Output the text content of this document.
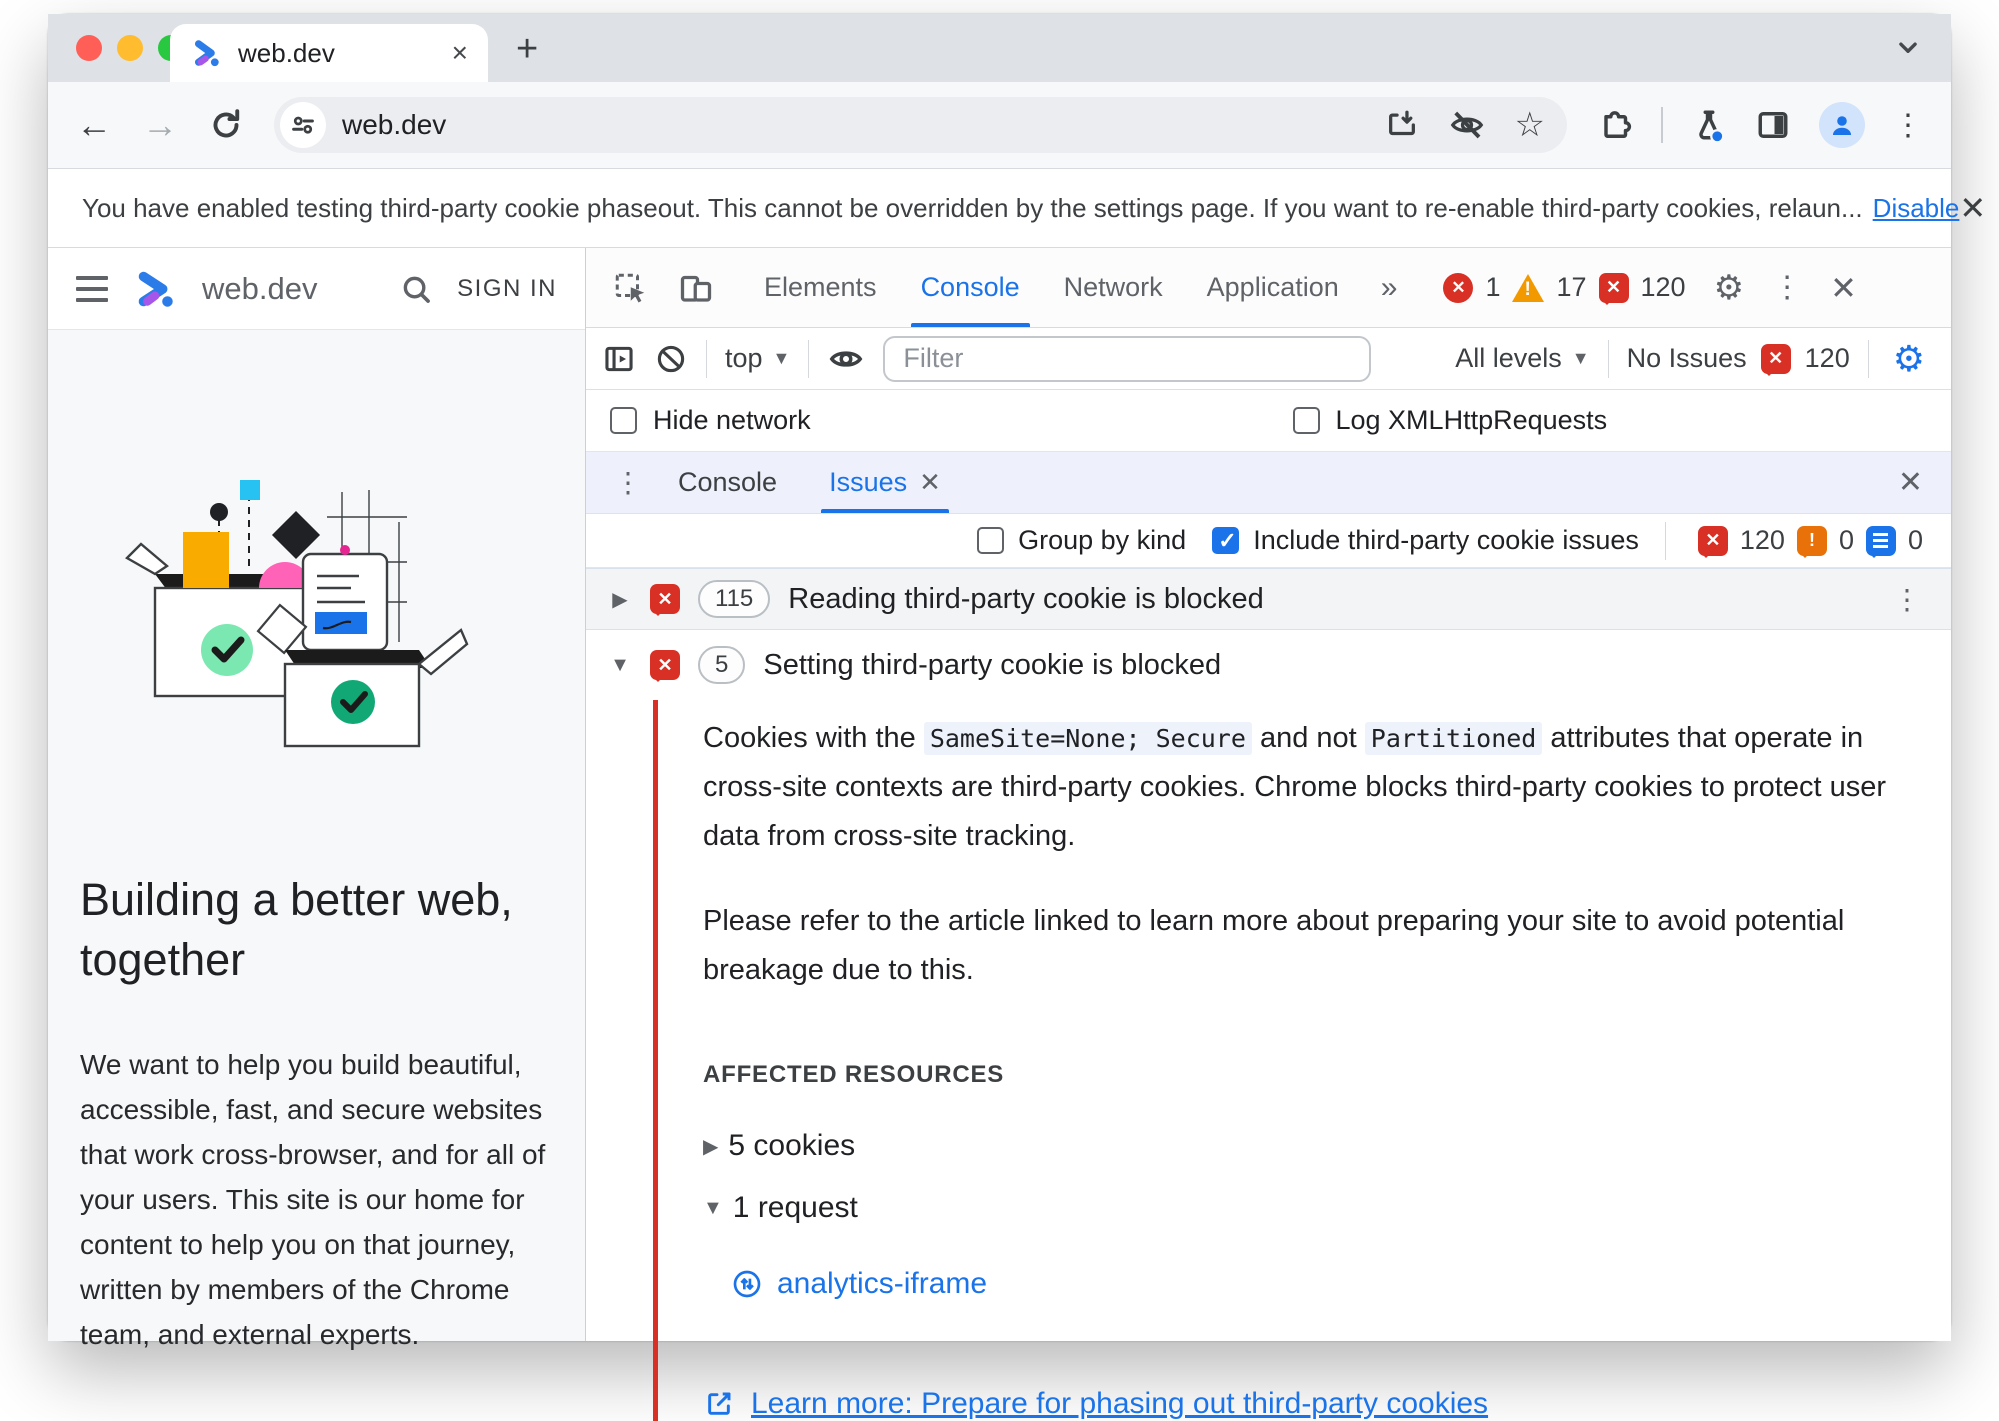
web.dev	× +
← →	web.dev	☆	⋮
You have enabled testing third-party cookie phaseout. This cannot be overridden by the settings page. If you want to re-enable third-party cookies, relaun... Disable ✕
web.dev	SIGN IN
Building a better web, together
We want to help you build beautiful, accessible, fast, and secure websites that work cross-browser, and for all of your users. This site is our home for content to help you on that journey, written by members of the Chrome team, and external experts.
Elements	Console	Network	Application	»	✕ 1 ! 17	✕ 120 ⚙ ⋮ ✕
top ▼
Filter	All levels ▼ No Issues	✕ 120 ⚙
Hide network	Log XMLHttpRequests
⋮	Console Issues ✕	✕
Group by kind ✓ Include third-party cookie issues	✕ 120	! 0 0
▶	✕	115	Reading third-party cookie is blocked	⋮
▼	✕	5	Setting third-party cookie is blocked
Cookies with the SameSite=None; Secure and not Partitioned attributes that operate in cross-site contexts are third-party cookies. Chrome blocks third-party cookies to protect user data from cross-site tracking.
Please refer to the article linked to learn more about preparing your site to avoid potential breakage due to this.
AFFECTED RESOURCES
▶ 5 cookies
▼ 1 request
analytics-iframe
Learn more: Prepare for phasing out third-party cookies
